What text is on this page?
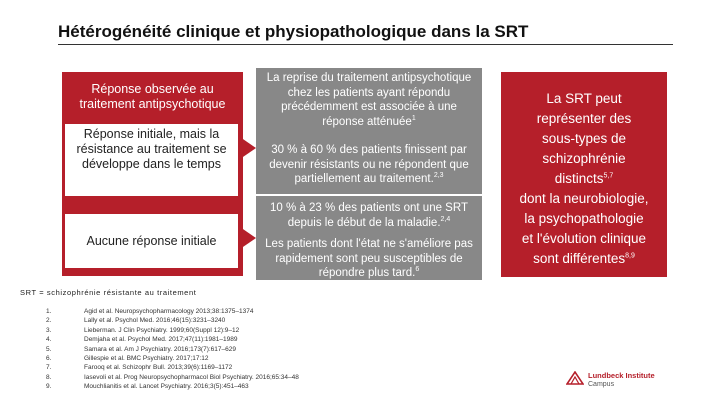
Hétérogénéité clinique et physiopathologique dans la SRT
Réponse observée au traitement antipsychotique
Réponse initiale, mais la résistance au traitement se développe dans le temps
Aucune réponse initiale
La reprise du traitement antipsychotique chez les patients ayant répondu précédemment est associée à une réponse atténuée$^1$
30 % à 60 % des patients finissent par devenir résistants ou ne répondent que partiellement au traitement.$^{2,3}$
10 % à 23 % des patients ont une SRT depuis le début de la maladie.$^{2,4}$
Les patients dont l'état ne s'améliore pas rapidement sont peu susceptibles de répondre plus tard.$^6$
La SRT peut
représenter des
sous-types de
schizophrénie
distincts$^{5,7}$
dont la neurobiologie,
la psychopathologie
et l'évolution clinique
sont différentes$^{8,9}$
SRT = schizophrénie résistante au traitement
1.	Agid et al. Neuropsychopharmacology 2013;38:1375–1374
2.	Lally et al. Psychol Med. 2016;46(15):3231–3240
3.	Lieberman. J Clin Psychiatry. 1999;60(Suppl 12):9–12
4.	Demjaha et al. Psychol Med. 2017;47(11):1981–1989
5.	Samara et al. Am J Psychiatry. 2016;173(7):617–629
6.	Gillespie et al. BMC Psychiatry. 2017;17:12
7.	Farooq et al. Schizophr Bull. 2013;39(6):1169–1172
8.	Iasevoli et al. Prog Neuropsychopharmacol Biol Psychiatry. 2016;65:34–48
9.	Mouchlianitis et al. Lancet Psychiatry. 2016;3(5):451–463
Lundbeck Institute
Campus
